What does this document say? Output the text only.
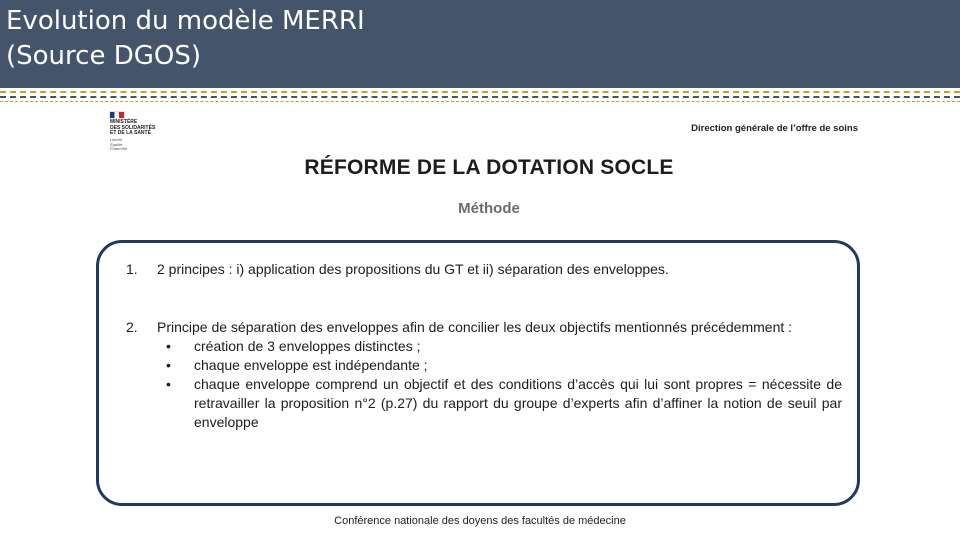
Evolution du modèle MERRI
(Source DGOS)
MINISTÈRE
DES SOLIDARITÉS
ET DE LA SANTÉ
Liberté
Égalité
Fraternité
Direction générale de l’offre de soins
RÉFORME DE LA DOTATION SOCLE
Méthode
1. 2 principes : i) application des propositions du GT et ii) séparation des enveloppes.
2. Principe de séparation des enveloppes afin de concilier les deux objectifs mentionnés précédemment :
• création de 3 enveloppes distinctes ;
• chaque enveloppe est indépendante ;
• chaque enveloppe comprend un objectif et des conditions d’accès qui lui sont propres = nécessite de retravailler la proposition n°2 (p.27) du rapport du groupe d’experts afin d’affiner la notion de seuil par enveloppe
Conférence nationale des doyens des facultés de médecine
